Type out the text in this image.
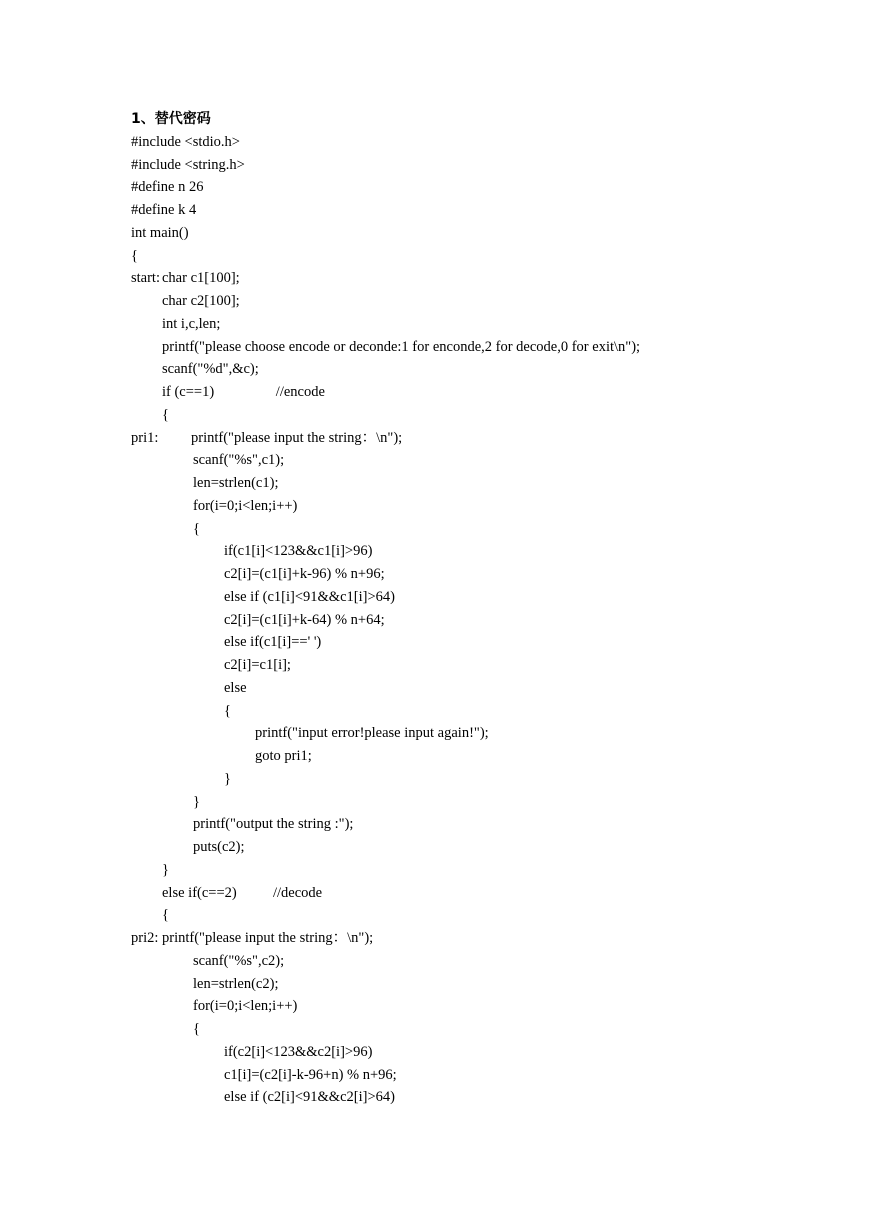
1、替代密码
#include <stdio.h>
#include <string.h>
#define n 26
#define k 4
int main()
{
start: char c1[100];
char c2[100];
int i,c,len;
printf("please choose encode or deconde:1 for enconde,2 for decode,0 for exit\n");
scanf("%d",&c);
if (c==1)                 //encode
{
pri1: printf("please input the string：\n");
scanf("%s",c1);
len=strlen(c1);
for(i=0;i<len;i++)
{
if(c1[i]<123&&c1[i]>96)
c2[i]=(c1[i]+k-96) % n+96;
else if (c1[i]<91&&c1[i]>64)
c2[i]=(c1[i]+k-64) % n+64;
else if(c1[i]==' ')
c2[i]=c1[i];
else
{
printf("input error!please input again!");
goto pri1;
}
}
printf("output the string :");
puts(c2);
}
else if(c==2)          //decode
{
pri2: printf("please input the string：\n");
scanf("%s",c2);
len=strlen(c2);
for(i=0;i<len;i++)
{
if(c2[i]<123&&c2[i]>96)
c1[i]=(c2[i]-k-96+n) % n+96;
else if (c2[i]<91&&c2[i]>64)
